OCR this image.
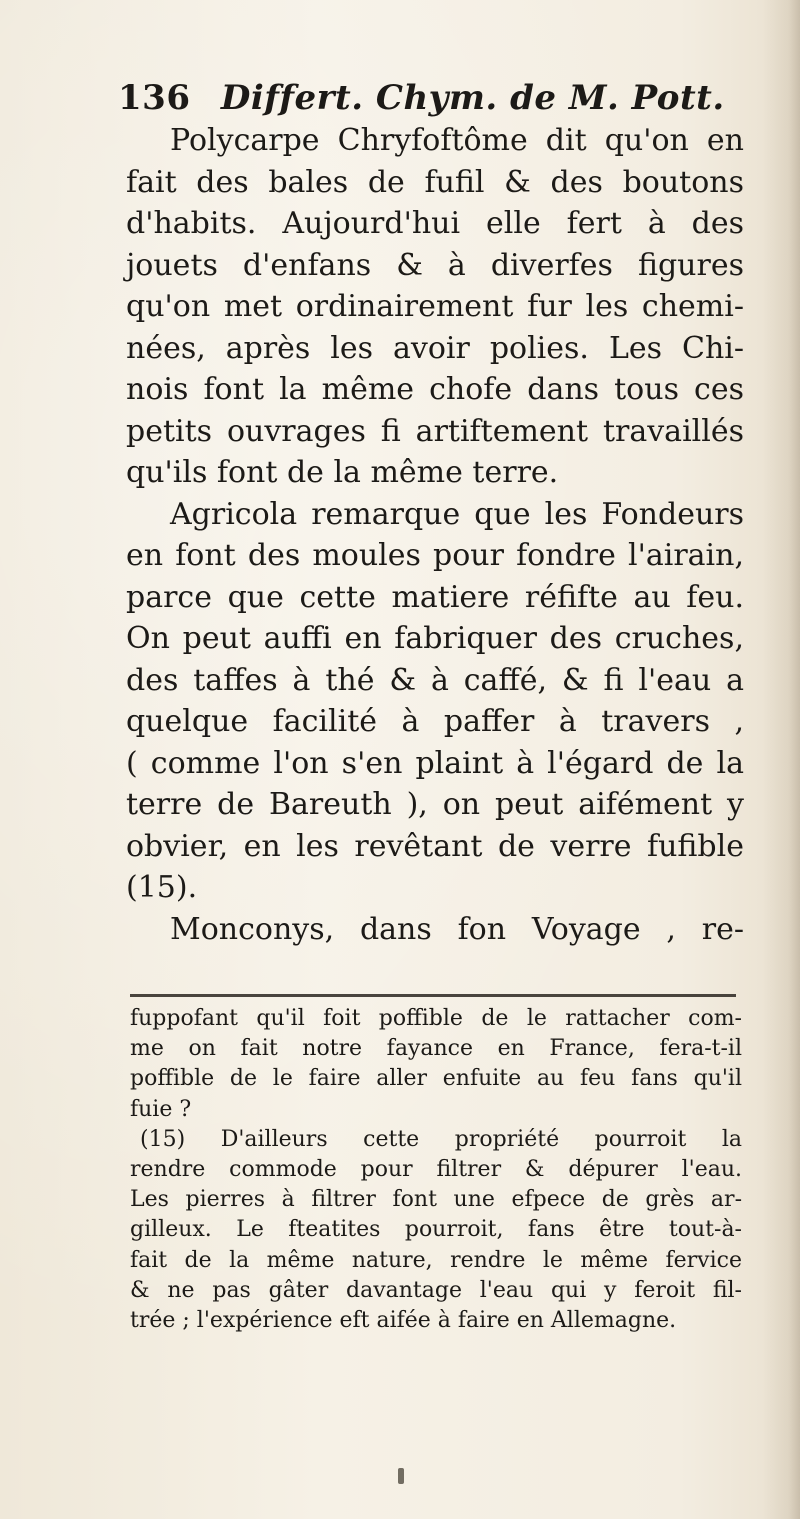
136 Differt. Chym. de M. Pott.
Polycarpe Chryfoftôme dit qu'on en
fait des bales de fufil & des boutons
d'habits. Aujourd'hui elle fert à des
jouets d'enfans & à diverfes figures
qu'on met ordinairement fur les chemi-
nées, après les avoir polies. Les Chi-
nois font la même chofe dans tous ces
petits ouvrages fi artiftement travaillés
qu'ils font de la même terre.
Agricola remarque que les Fondeurs
en font des moules pour fondre l'airain,
parce que cette matiere réfifte au feu.
On peut auffi en fabriquer des cruches,
des taffes à thé & à caffé, & fi l'eau a
quelque facilité à paffer à travers ,
( comme l'on s'en plaint à l'égard de la
terre de Bareuth ), on peut aifément y
obvier, en les revêtant de verre fufible
(15).
Monconys, dans fon Voyage , re-
fuppofant qu'il foit poffible de le rattacher com-
me on fait notre fayance en France, fera-t-il
poffible de le faire aller enfuite au feu fans qu'il
fuie ?
(15) D'ailleurs cette propriété pourroit la
rendre commode pour filtrer & dépurer l'eau.
Les pierres à filtrer font une efpece de grès ar-
gilleux. Le fteatites pourroit, fans être tout-à-
fait de la même nature, rendre le même fervice
& ne pas gâter davantage l'eau qui y feroit fil-
trée ; l'expérience eft aifée à faire en Allemagne.
